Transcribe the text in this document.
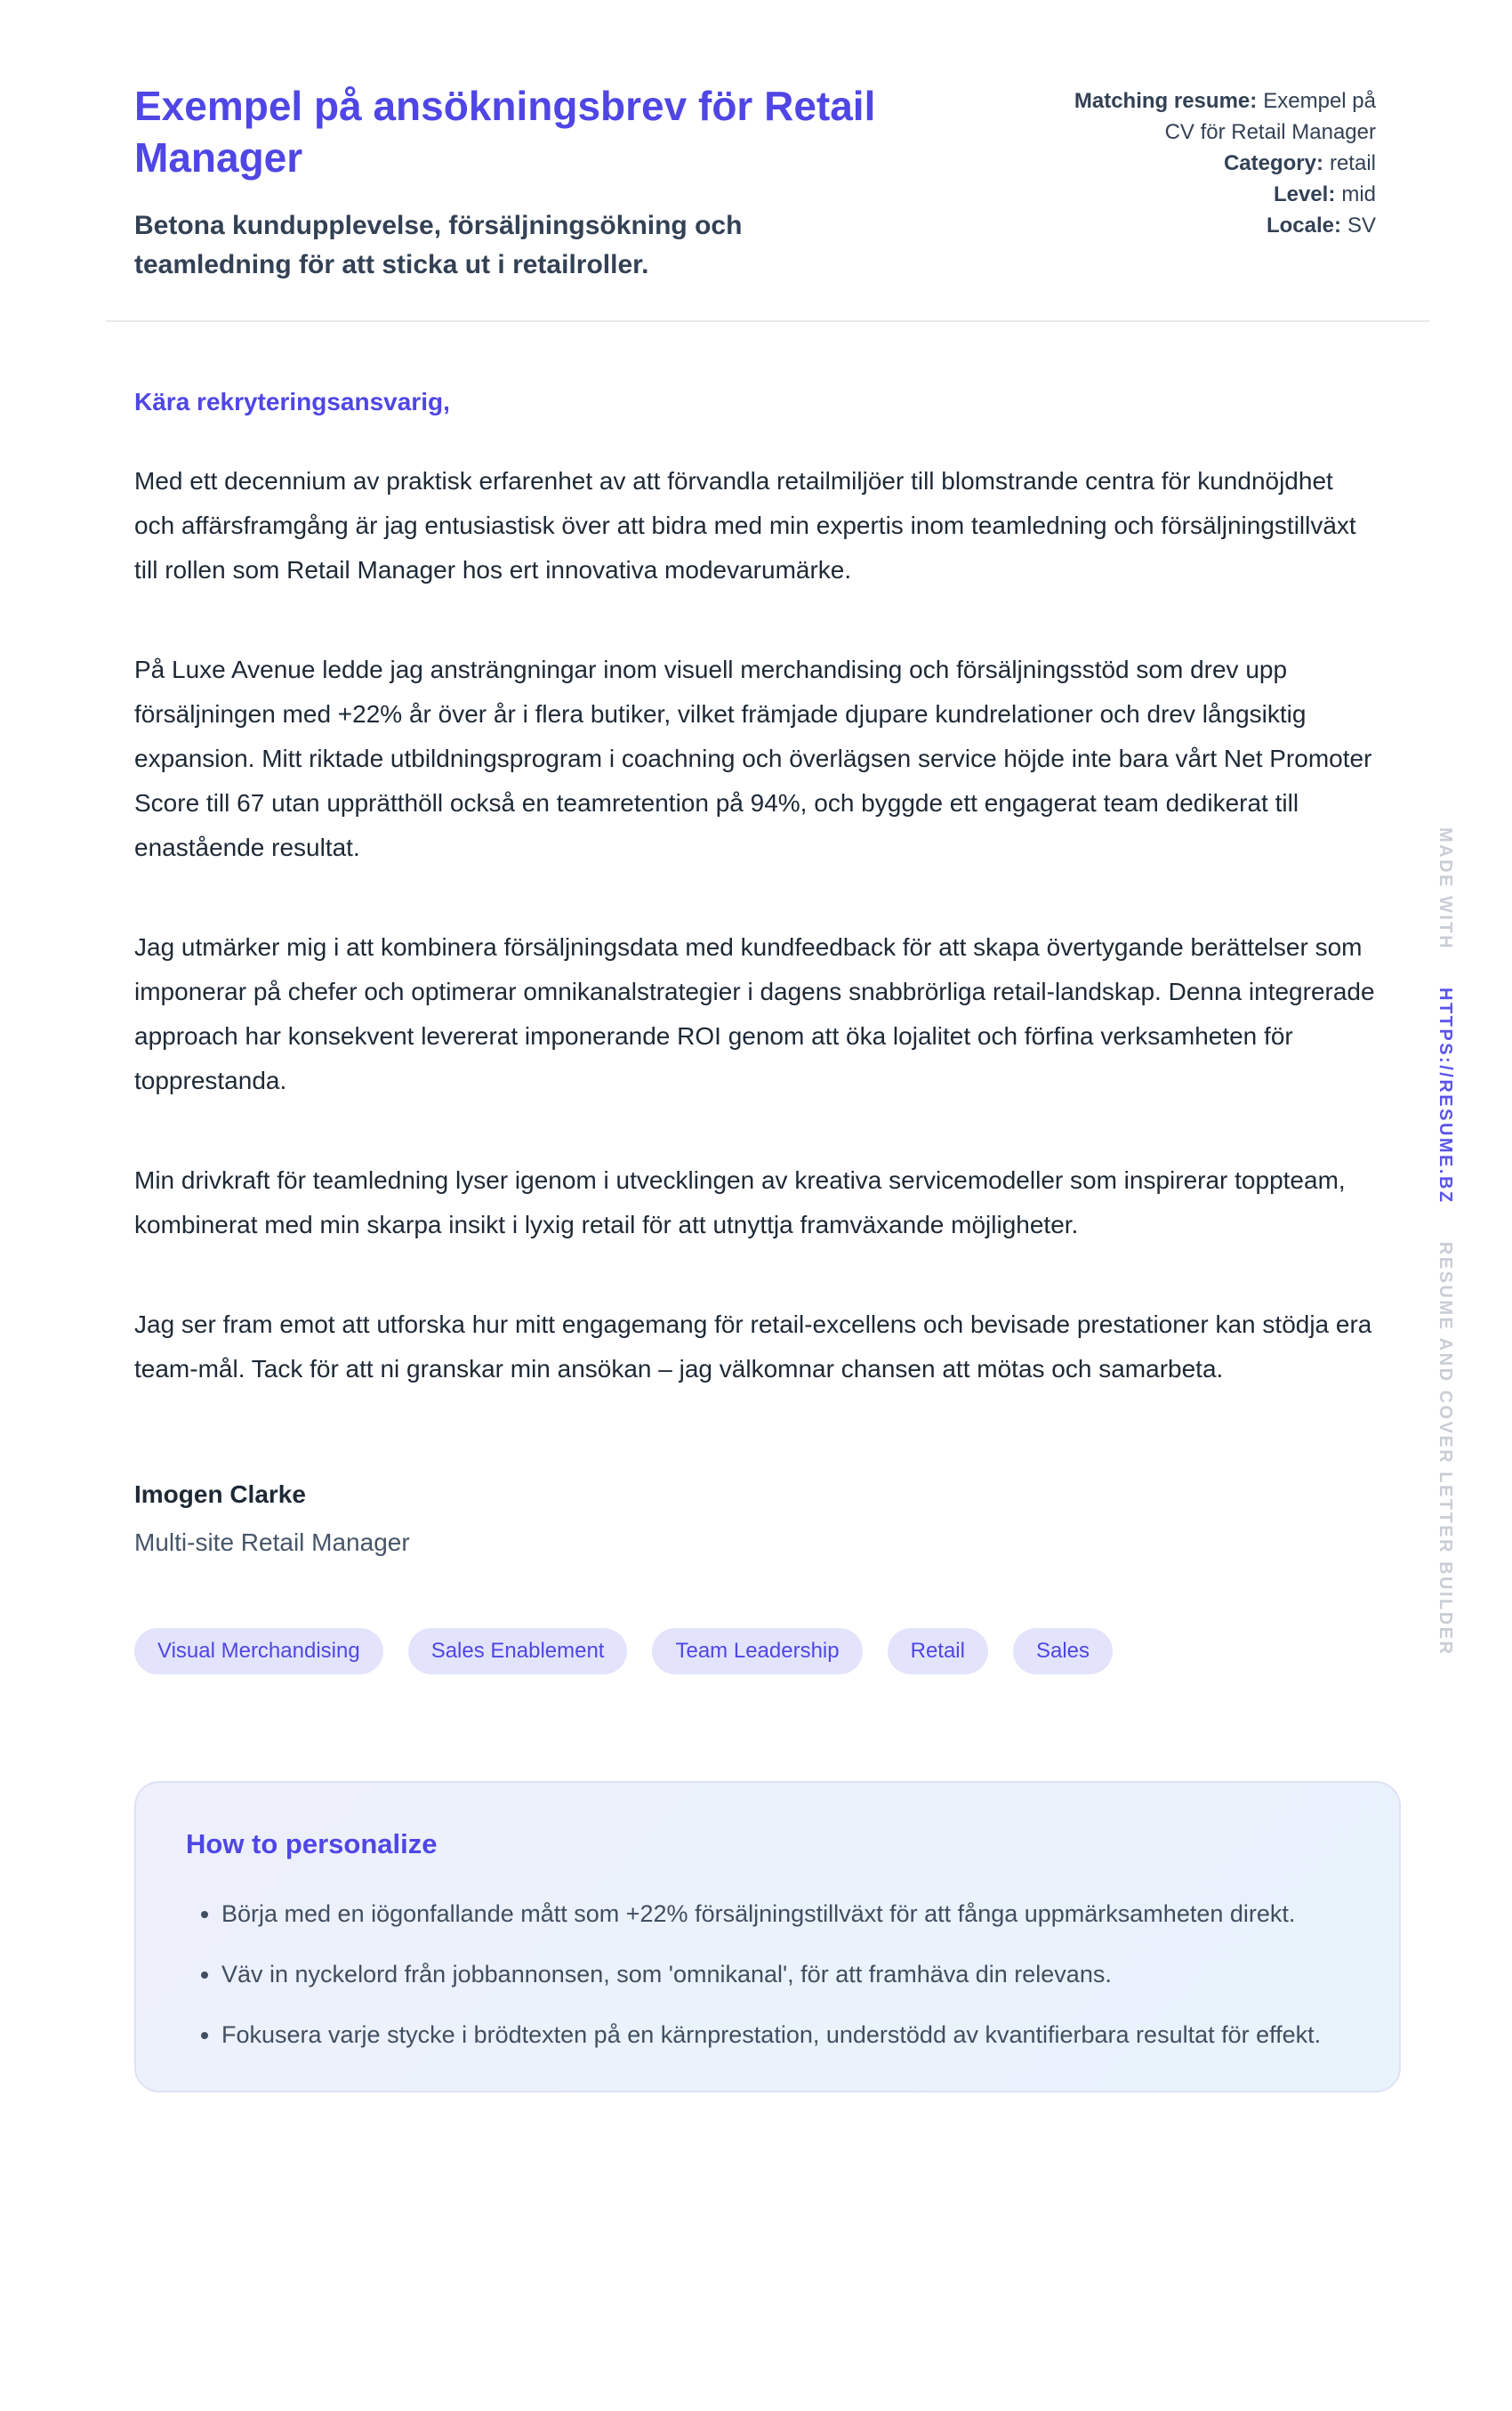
Exempel på ansökningsbrev för Retail Manager

Betona kundupplevelse, försäljningsökning och teamledning för att sticka ut i retailroller.

Matching resume: Exempel på CV för Retail Manager
Category: retail
Level: mid
Locale: SV

Kära rekryteringsansvarig,

Med ett decennium av praktisk erfarenhet av att förvandla retailmiljöer till blomstrande centra för kundnöjdhet och affärsframgång är jag entusiastisk över att bidra med min expertis inom teamledning och försäljningstillväxt till rollen som Retail Manager hos ert innovativa modevarumärke.

På Luxe Avenue ledde jag ansträngningar inom visuell merchandising och försäljningsstöd som drev upp försäljningen med +22% år över år i flera butiker, vilket främjade djupare kundrelationer och drev långsiktig expansion. Mitt riktade utbildningsprogram i coachning och överlägsen service höjde inte bara vårt Net Promoter Score till 67 utan upprätthöll också en teamretention på 94%, och byggde ett engagerat team dedikerat till enastående resultat.

Jag utmärker mig i att kombinera försäljningsdata med kundfeedback för att skapa övertygande berättelser som imponerar på chefer och optimerar omnikanalstrategier i dagens snabbrörliga retail-landskap. Denna integrerade approach har konsekvent levererat imponerande ROI genom att öka lojalitet och förfina verksamheten för topprestanda.

Min drivkraft för teamledning lyser igenom i utvecklingen av kreativa servicemodeller som inspirerar toppteam, kombinerat med min skarpa insikt i lyxig retail för att utnyttja framväxande möjligheter.

Jag ser fram emot att utforska hur mitt engagemang för retail-excellens och bevisade prestationer kan stödja era team-mål. Tack för att ni granskar min ansökan – jag välkomnar chansen att mötas och samarbeta.

Imogen Clarke

Multi-site Retail Manager

Visual Merchandising	Sales Enablement	Team Leadership	Retail	Sales
How to personalize
• Börja med en iögonfallande mått som +22% försäljningstillväxt för att fånga uppmärksamheten direkt.
• Väv in nyckelord från jobbannonsen, som 'omnikanal', för att framhäva din relevans.
• Fokusera varje stycke i brödtexten på en kärnprestation, understödd av kvantifierbara resultat för effekt.
MADE WITH HTTPS://RESUME.BZ RESUME AND COVER LETTER BUILDER
